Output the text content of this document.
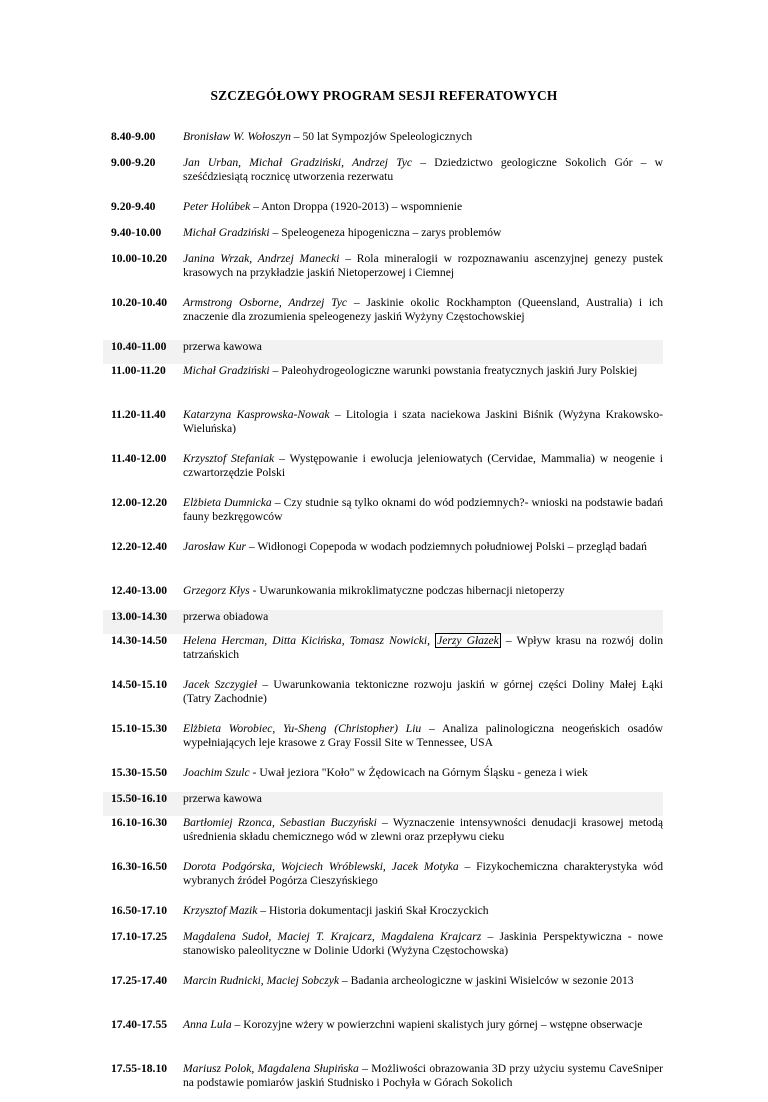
SZCZEGÓŁOWY PROGRAM SESJI REFERATOWYCH
8.40-9.00	Bronisław W. Wołoszyn – 50 lat Sympozjów Speleologicznych
9.00-9.20	Jan Urban, Michał Gradziński, Andrzej Tyc – Dziedzictwo geologiczne Sokolich Gór – w sześćdziesiątą rocznicę utworzenia rezerwatu
9.20-9.40	Peter Holúbek – Anton Droppa (1920-2013) – wspomnienie
9.40-10.00	Michał Gradziński – Speleogeneza hipogeniczna – zarys problemów
10.00-10.20	Janina Wrzak, Andrzej Manecki – Rola mineralogii w rozpoznawaniu ascenzyjnej genezy pustek krasowych na przykładzie jaskiń Nietoperzowej i Ciemnej
10.20-10.40	Armstrong Osborne, Andrzej Tyc – Jaskinie okolic Rockhampton (Queensland, Australia) i ich znaczenie dla zrozumienia speleogenezy jaskiń Wyżyny Częstochowskiej
10.40-11.00	przerwa kawowa
11.00-11.20	Michał Gradziński – Paleohydrogeologiczne warunki powstania freatycznych jaskiń Jury Polskiej
11.20-11.40	Katarzyna Kasprowska-Nowak – Litologia i szata naciekowa Jaskini Biśnik (Wyżyna Krakowsko-Wieluńska)
11.40-12.00	Krzysztof Stefaniak – Występowanie i ewolucja jeleniowatych (Cervidae, Mammalia) w neogenie i czwartorzędzie Polski
12.00-12.20	Elżbieta Dumnicka – Czy studnie są tylko oknami do wód podziemnych?- wnioski na podstawie badań fauny bezkręgowców
12.20-12.40	Jarosław Kur – Widłonogi Copepoda w wodach podziemnych południowej Polski – przegląd badań
12.40-13.00	Grzegorz Kłys - Uwarunkowania mikroklimatyczne podczas hibernacji nietoperzy
13.00-14.30	przerwa obiadowa
14.30-14.50	Helena Hercman, Ditta Kicińska, Tomasz Nowicki, Jerzy Głazek – Wpływ krasu na rozwój dolin tatrzańskich
14.50-15.10	Jacek Szczygieł – Uwarunkowania tektoniczne rozwoju jaskiń w górnej części Doliny Małej Łąki (Tatry Zachodnie)
15.10-15.30	Elżbieta Worobiec, Yu-Sheng (Christopher) Liu – Analiza palinologiczna neogeńskich osadów wypełniających leje krasowe z Gray Fossil Site w Tennessee, USA
15.30-15.50	Joachim Szulc - Uwał jeziora "Koło" w Żędowicach na Górnym Śląsku - geneza i wiek
15.50-16.10	przerwa kawowa
16.10-16.30	Bartłomiej Rzonca, Sebastian Buczyński – Wyznaczenie intensywności denudacji krasowej metodą uśrednienia składu chemicznego wód w zlewni oraz przepływu cieku
16.30-16.50	Dorota Podgórska, Wojciech Wróblewski, Jacek Motyka – Fizykochemiczna charakterystyka wód wybranych źródeł Pogórza Cieszyńskiego
16.50-17.10	Krzysztof Mazik – Historia dokumentacji jaskiń Skał Kroczyckich
17.10-17.25	Magdalena Sudoł, Maciej T. Krajcarz, Magdalena Krajcarz – Jaskinia Perspektywiczna - nowe stanowisko paleolityczne w Dolinie Udorki (Wyżyna Częstochowska)
17.25-17.40	Marcin Rudnicki, Maciej Sobczyk – Badania archeologiczne w jaskini Wisielców w sezonie 2013
17.40-17.55	Anna Lula – Korozyjne wżery w powierzchni wapieni skalistych jury górnej – wstępne obserwacje
17.55-18.10	Mariusz Polok, Magdalena Słupińska – Możliwości obrazowania 3D przy użyciu systemu CaveSniper na podstawie pomiarów jaskiń Studnisko i Pochyła w Górach Sokolich
